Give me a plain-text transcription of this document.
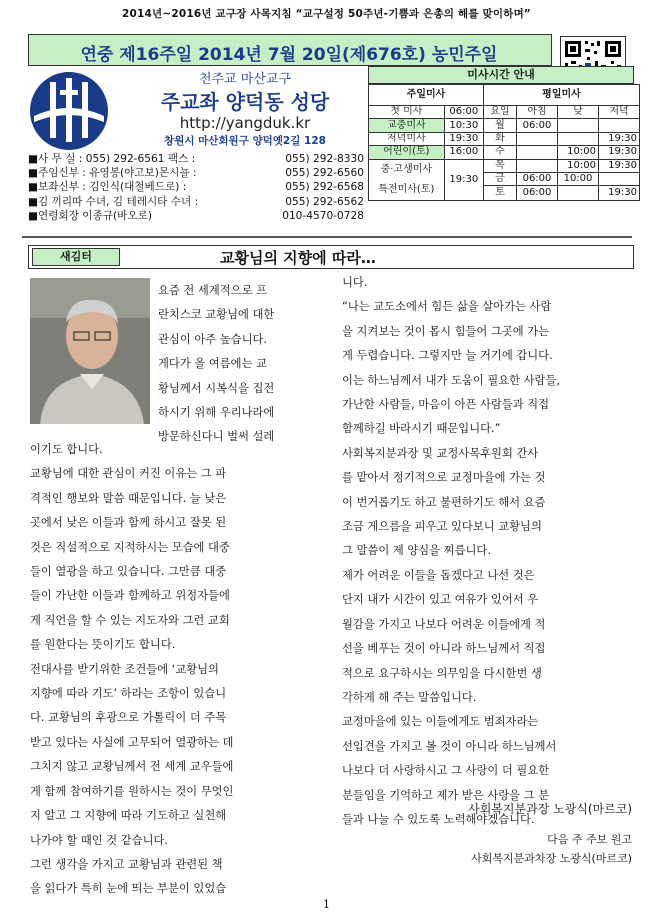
2014년~2016년 교구장 사목지침 “교구설정 50주년-기쁨과 은총의 해를 맞이하며”
연중 제16주일 2014년 7월 20일(제676호) 농민주일
천주교 마산교구
주교좌 양덕동 성당
http://yangduk.kr
창원시 마산회원구 양덕옛2길 128
■ 사 무 실 : 055) 292-6561 팩스 :	055) 292-8330
■ 주임신부 : 유영봉(야고보)몬시뇰 :	055) 292-6560
■ 보좌신부 : 김인식(대철베드로) :	055) 292-6568
■ 김 끼리따 수녀, 김 테레시타 수녀 :	055) 292-6562
■ 연령회장 이종규(바오로)	010-4570-0728
미사시간 안내
주일미사		평일미사			
첫 미사	06:00	요일	아침	낮	저녁
교중미사	10:30	월	06:00		
저녁미사	19:30	화			19:30
어린이(토)	16:00	수		10:00	19:30
중·고생미사
특전미사(토)	19:30	목		10:00	19:30
		금	06:00	10:00	
		토	06:00		19:30

새김터	교황님의 지향에 따라…
요즘 전 세계적으로 프
란치스코 교황님에 대한
관심이 아주 높습니다.
게다가 올 여름에는 교
황님께서 시복식을 집전
하시기 위해 우리나라에
방문하신다니 벌써 설레
이기도 합니다.
교황님에 대한 관심이 커진 이유는 그 파
격적인 행보와 말씀 때문입니다. 늘 낮은
곳에서 낮은 이들과 함께 하시고 잘못 된
것은 직설적으로 지적하시는 모습에 대중
들이 열광을 하고 있습니다. 그만큼 대중
들이 가난한 이들과 함께하고 위정자들에
게 직언을 할 수 있는 지도자와 그런 교회
를 원한다는 뜻이기도 합니다.
전대사를 받기위한 조건들에 ‘교황님의
지향에 따라 기도’ 하라는 조항이 있습니
다. 교황님의 후광으로 가톨릭이 더 주목
받고 있다는 사실에 고무되어 열광하는 데
그치지 않고 교황님께서 전 세계 교우들에
게 함께 참여하기를 원하시는 것이 무엇인
지 알고 그 지향에 따라 기도하고 실천해
나가야 할 때인 것 같습니다.
그런 생각을 가지고 교황님과 관련된 책
을 읽다가 특히 눈에 띄는 부분이 있었습
니다.
“나는 교도소에서 힘든 삶을 살아가는 사람
을 지켜보는 것이 몹시 힘들어 그곳에 가는
게 두렵습니다. 그렇지만 늘 거기에 갑니다.
이는 하느님께서 내가 도움이 필요한 사람들,
가난한 사람들, 마음이 아픈 사람들과 직접
함께하길 바라시기 때문입니다.”
사회복지분과장 및 교정사목후원회 간사
를 맡아서 정기적으로 교정마을에 가는 것
이 번거롭기도 하고 불편하기도 해서 요즘
조금 게으름을 피우고 있다보니 교황님의
그 말씀이 제 양심을 찌릅니다.
제가 어려운 이들을 돕겠다고 나선 것은
단지 내가 시간이 있고 여유가 있어서 우
월감을 가지고 나보다 어려운 이들에게 적
선을 베푸는 것이 아니라 하느님께서 직접
적으로 요구하시는 의무임을 다시한번 생
각하게 해 주는 말씀입니다.
교정마을에 있는 이들에게도 범죄자라는
선입견을 가지고 볼 것이 아니라 하느님께서
나보다 더 사랑하시고 그 사랑이 더 필요한
분들임을 기억하고 제가 받은 사랑을 그 분
들과 나눌 수 있도록 노력해야겠습니다.
사회복지분과장 노광식(마르코)
다음 주 주보 원고
사회복지분과차장 노광식(마르코)
1
